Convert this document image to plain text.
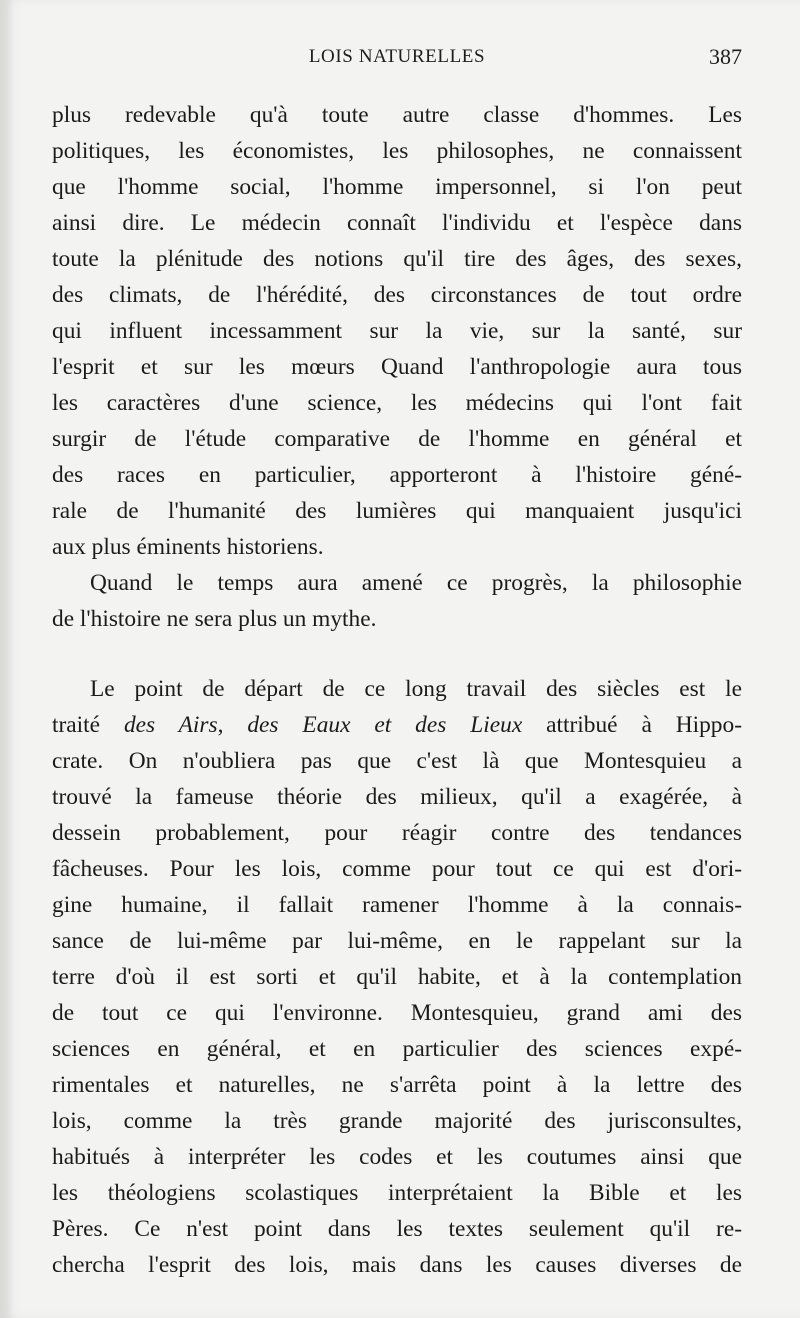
LOIS NATURELLES	387
plus redevable qu'à toute autre classe d'hommes. Les
politiques, les économistes, les philosophes, ne connaissent
que l'homme social, l'homme impersonnel, si l'on peut
ainsi dire. Le médecin connaît l'individu et l'espèce dans
toute la plénitude des notions qu'il tire des âges, des sexes,
des climats, de l'hérédité, des circonstances de tout ordre
qui influent incessamment sur la vie, sur la santé, sur
l'esprit et sur les mœurs Quand l'anthropologie aura tous
les caractères d'une science, les médecins qui l'ont fait
surgir de l'étude comparative de l'homme en général et
des races en particulier, apporteront à l'histoire géné-
rale de l'humanité des lumières qui manquaient jusqu'ici
aux plus éminents historiens.
Quand le temps aura amené ce progrès, la philosophie
de l'histoire ne sera plus un mythe.
Le point de départ de ce long travail des siècles est le
traité des Airs, des Eaux et des Lieux attribué à Hippo-
crate. On n'oubliera pas que c'est là que Montesquieu a
trouvé la fameuse théorie des milieux, qu'il a exagérée, à
dessein probablement, pour réagir contre des tendances
fâcheuses. Pour les lois, comme pour tout ce qui est d'ori-
gine humaine, il fallait ramener l'homme à la connais-
sance de lui-même par lui-même, en le rappelant sur la
terre d'où il est sorti et qu'il habite, et à la contemplation
de tout ce qui l'environne. Montesquieu, grand ami des
sciences en général, et en particulier des sciences expé-
rimentales et naturelles, ne s'arrêta point à la lettre des
lois, comme la très grande majorité des jurisconsultes,
habitués à interpréter les codes et les coutumes ainsi que
les théologiens scolastiques interprétaient la Bible et les
Pères. Ce n'est point dans les textes seulement qu'il re-
chercha l'esprit des lois, mais dans les causes diverses de
